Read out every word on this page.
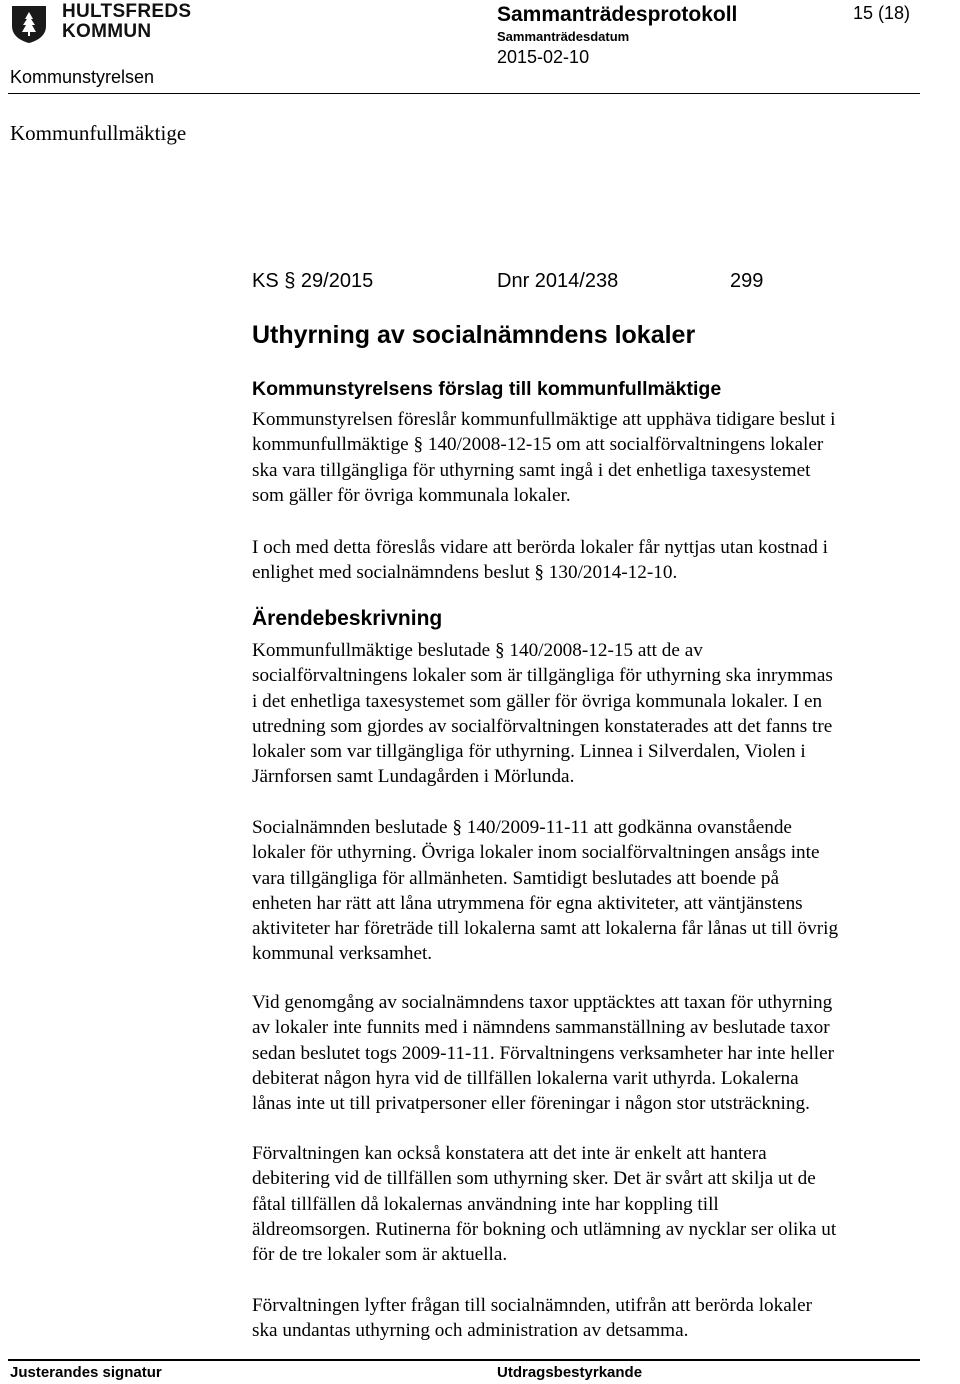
HULTSFREDS
KOMMUN
Sammanträdesprotokoll
Sammanträdesdatum
2015-02-10
15 (18)
Kommunstyrelsen
Kommunfullmäktige
KS § 29/2015	Dnr 2014/238	299
Uthyrning av socialnämndens lokaler
Kommunstyrelsens förslag till kommunfullmäktige
Kommunstyrelsen föreslår kommunfullmäktige att upphäva tidigare beslut i
kommunfullmäktige § 140/2008-12-15 om att socialförvaltningens lokaler
ska vara tillgängliga för uthyrning samt ingå i det enhetliga taxesystemet
som gäller för övriga kommunala lokaler.
I och med detta föreslås vidare att berörda lokaler får nyttjas utan kostnad i
enlighet med socialnämndens beslut § 130/2014-12-10.
Ärendebeskrivning
Kommunfullmäktige beslutade § 140/2008-12-15 att de av
socialförvaltningens lokaler som är tillgängliga för uthyrning ska inrymmas
i det enhetliga taxesystemet som gäller för övriga kommunala lokaler. I en
utredning som gjordes av socialförvaltningen konstaterades att det fanns tre
lokaler som var tillgängliga för uthyrning. Linnea i Silverdalen, Violen i
Järnforsen samt Lundagården i Mörlunda.
Socialnämnden beslutade § 140/2009-11-11 att godkänna ovanstående
lokaler för uthyrning. Övriga lokaler inom socialförvaltningen ansågs inte
vara tillgängliga för allmänheten. Samtidigt beslutades att boende på
enheten har rätt att låna utrymmena för egna aktiviteter, att väntjänstens
aktiviteter har företräde till lokalerna samt att lokalerna får lånas ut till övrig
kommunal verksamhet.
Vid genomgång av socialnämndens taxor upptäcktes att taxan för uthyrning
av lokaler inte funnits med i nämndens sammanställning av beslutade taxor
sedan beslutet togs 2009-11-11. Förvaltningens verksamheter har inte heller
debiterat någon hyra vid de tillfällen lokalerna varit uthyrda. Lokalerna
lånas inte ut till privatpersoner eller föreningar i någon stor utsträckning.
Förvaltningen kan också konstatera att det inte är enkelt att hantera
debitering vid de tillfällen som uthyrning sker. Det är svårt att skilja ut de
fåtal tillfällen då lokalernas användning inte har koppling till
äldreomsorgen. Rutinerna för bokning och utlämning av nycklar ser olika ut
för de tre lokaler som är aktuella.
Förvaltningen lyfter frågan till socialnämnden, utifrån att berörda lokaler
ska undantas uthyrning och administration av detsamma.
Justerandes signatur	Utdragsbestyrkande
